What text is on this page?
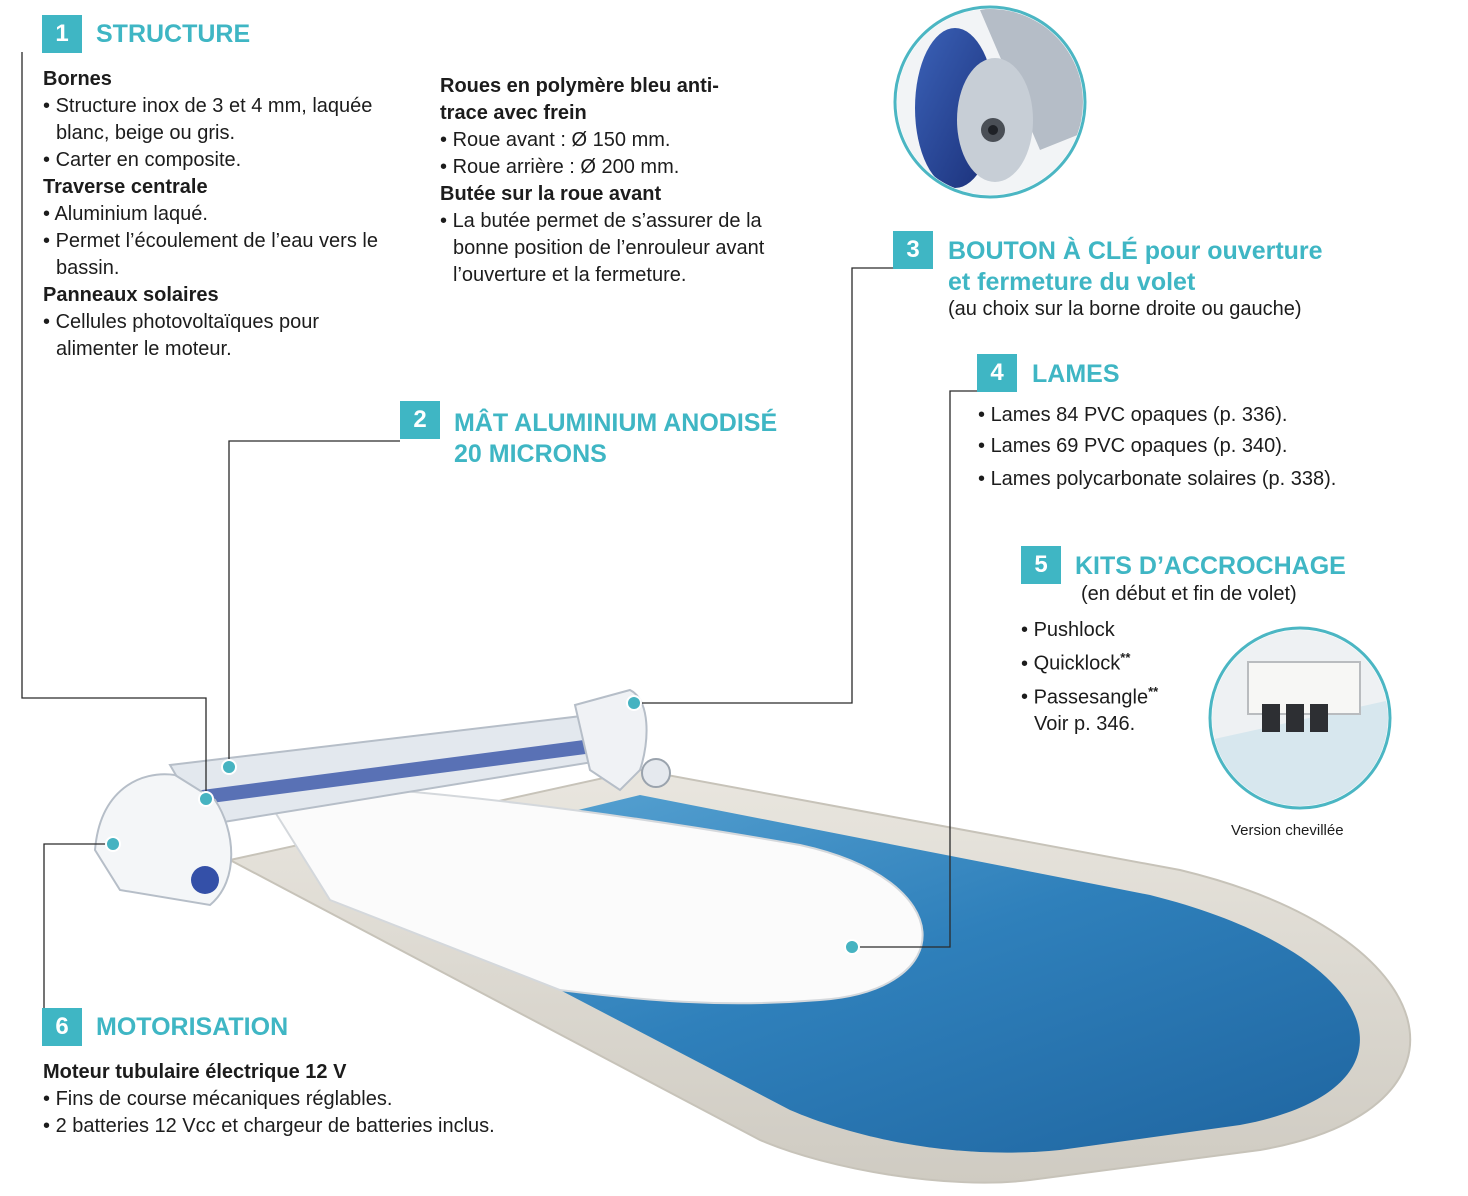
1	STRUCTURE
Bornes
• Structure inox de 3 et 4 mm, laquée blanc, beige ou gris.
• Carter en composite.
Traverse centrale
• Aluminium laqué.
• Permet l’écoulement de l’eau vers le bassin.
Panneaux solaires
• Cellules photovoltaïques pour alimenter le moteur.
Roues en polymère bleu anti-trace avec frein
• Roue avant : Ø 150 mm.
• Roue arrière : Ø 200 mm.
Butée sur la roue avant
• La butée permet de s’assurer de la bonne position de l’enrouleur avant l’ouverture et la fermeture.
2	MÂT ALUMINIUM ANODISÉ
20 MICRONS
3	BOUTON À CLÉ pour ouverture
et fermeture du volet
(au choix sur la borne droite ou gauche)
4	LAMES
• Lames 84 PVC opaques (p. 336).
• Lames 69 PVC opaques (p. 340).
• Lames polycarbonate solaires (p. 338).
5	KITS D’ACCROCHAGE
(en début et fin de volet)
• Pushlock
• Quicklock**
• Passesangle**
Voir p. 346.
Version chevillée
6	MOTORISATION
Moteur tubulaire électrique 12 V
• Fins de course mécaniques réglables.
• 2 batteries 12 Vcc et chargeur de batteries inclus.
